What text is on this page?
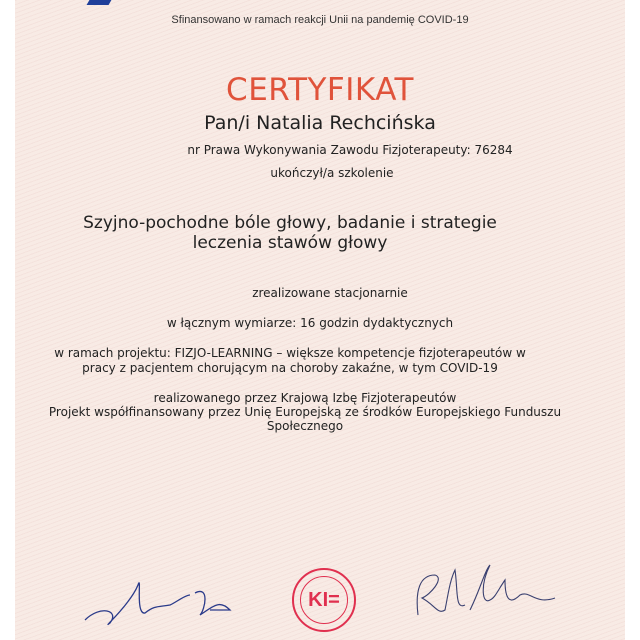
Sfinansowano w ramach reakcji Unii na pandemię COVID-19
CERTYFIKAT
Pan/i Natalia Rechcińska
nr Prawa Wykonywania Zawodu Fizjoterapeuty: 76284
ukończył/a szkolenie
Szyjno-pochodne bóle głowy, badanie i strategie
leczenia stawów głowy
zrealizowane stacjonarnie
w łącznym wymiarze: 16 godzin dydaktycznych
w ramach projektu: FIZJO-LEARNING – większe kompetencje fizjoterapeutów w
pracy z pacjentem chorującym na choroby zakaźne, w tym COVID-19
realizowanego przez Krajową Izbę Fizjoterapeutów
Projekt współfinansowany przez Unię Europejską ze środków Europejskiego Funduszu
Społecznego
KI=
